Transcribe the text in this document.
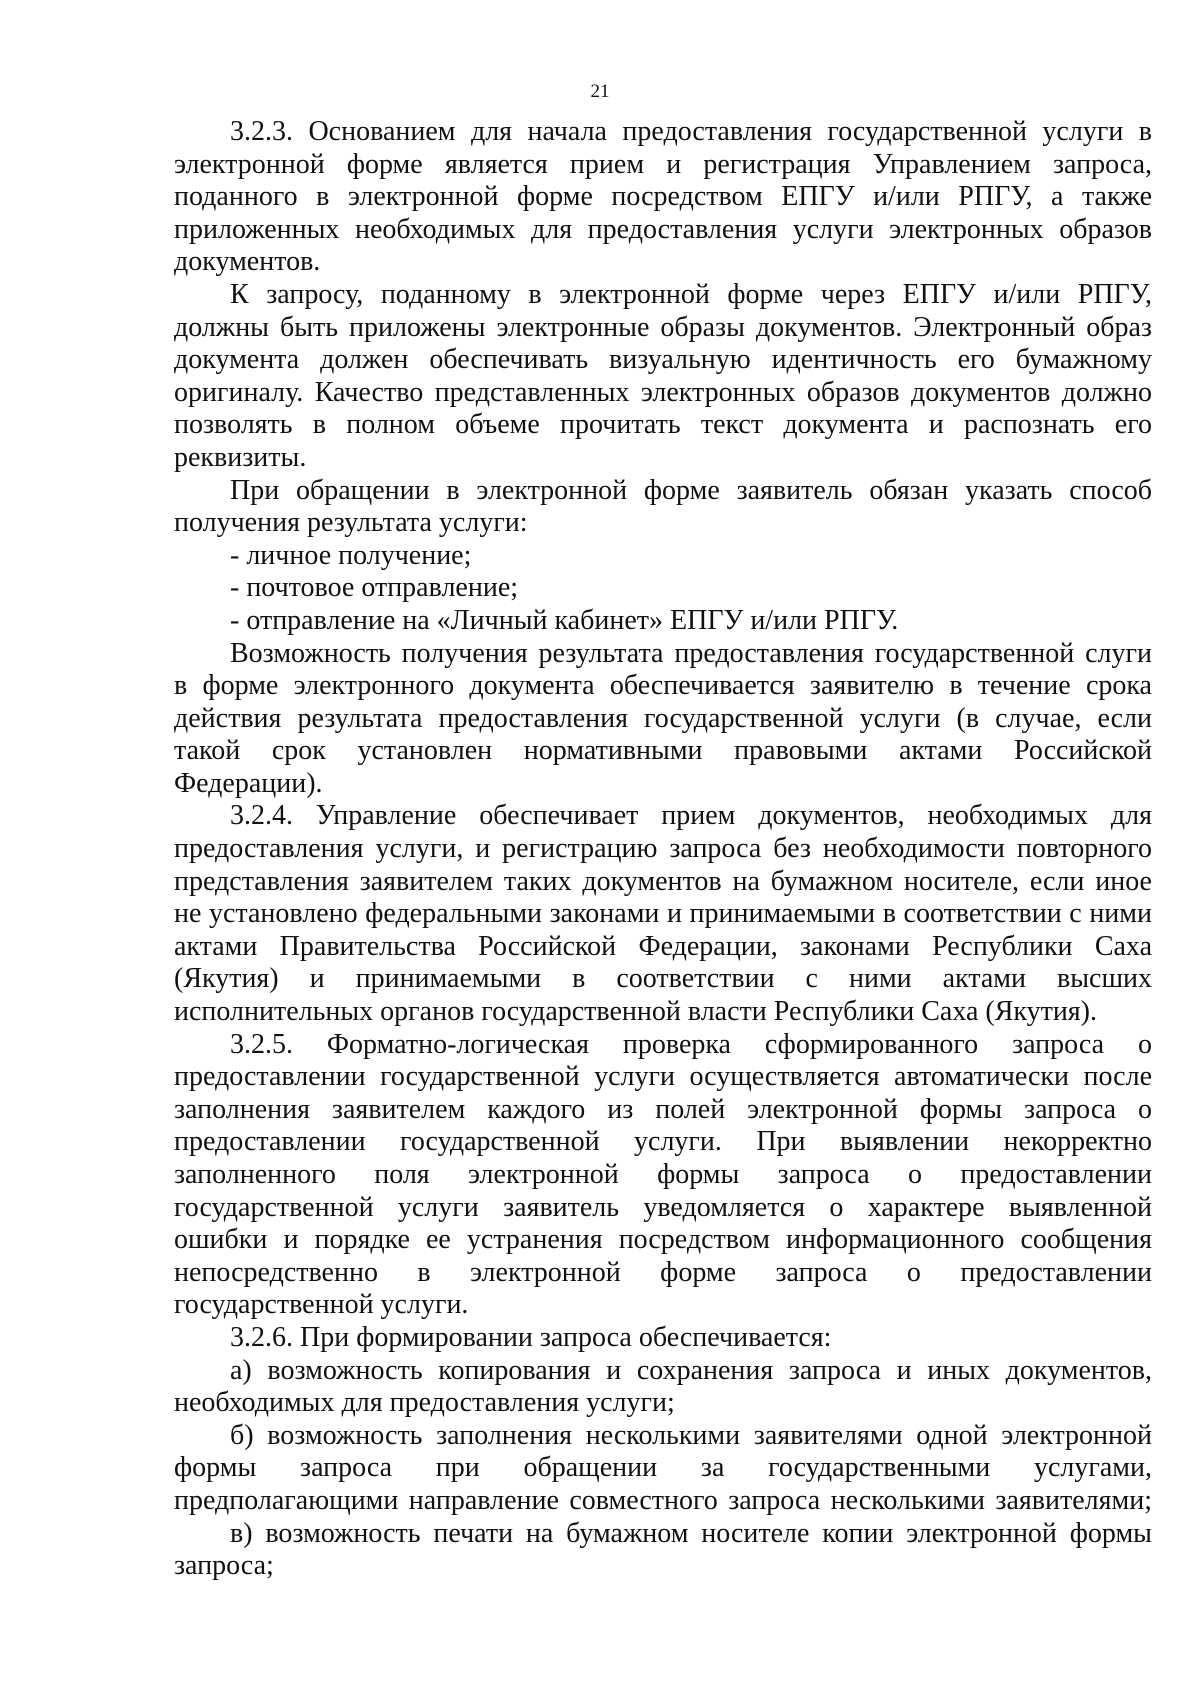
21
3.2.3. Основанием для начала предоставления государственной услуги в
электронной форме является прием и регистрация Управлением запроса,
поданного в электронной форме посредством ЕПГУ и/или РПГУ, а также
приложенных необходимых для предоставления услуги электронных образов
документов.
К запросу, поданному в электронной форме через ЕПГУ и/или РПГУ,
должны быть приложены электронные образы документов. Электронный образ
документа должен обеспечивать визуальную идентичность его бумажному
оригиналу. Качество представленных электронных образов документов должно
позволять в полном объеме прочитать текст документа и распознать его
реквизиты.
При обращении в электронной форме заявитель обязан указать способ
получения результата услуги:
- личное получение;
- почтовое отправление;
- отправление на «Личный кабинет» ЕПГУ и/или РПГУ.
Возможность получения результата предоставления государственной слуги
в форме электронного документа обеспечивается заявителю в течение срока
действия результата предоставления государственной услуги (в случае, если
такой срок установлен нормативными правовыми актами Российской
Федерации).
3.2.4. Управление обеспечивает прием документов, необходимых для
предоставления услуги, и регистрацию запроса без необходимости повторного
представления заявителем таких документов на бумажном носителе, если иное
не установлено федеральными законами и принимаемыми в соответствии с ними
актами Правительства Российской Федерации, законами Республики Саха
(Якутия) и принимаемыми в соответствии с ними актами высших
исполнительных органов государственной власти Республики Саха (Якутия).
3.2.5. Форматно-логическая проверка сформированного запроса о
предоставлении государственной услуги осуществляется автоматически после
заполнения заявителем каждого из полей электронной формы запроса о
предоставлении государственной услуги. При выявлении некорректно
заполненного поля электронной формы запроса о предоставлении
государственной услуги заявитель уведомляется о характере выявленной
ошибки и порядке ее устранения посредством информационного сообщения
непосредственно в электронной форме запроса о предоставлении
государственной услуги.
3.2.6. При формировании запроса обеспечивается:
а) возможность копирования и сохранения запроса и иных документов,
необходимых для предоставления услуги;
б) возможность заполнения несколькими заявителями одной электронной
формы запроса при обращении за государственными услугами,
предполагающими направление совместного запроса несколькими заявителями;
в) возможность печати на бумажном носителе копии электронной формы
запроса;
